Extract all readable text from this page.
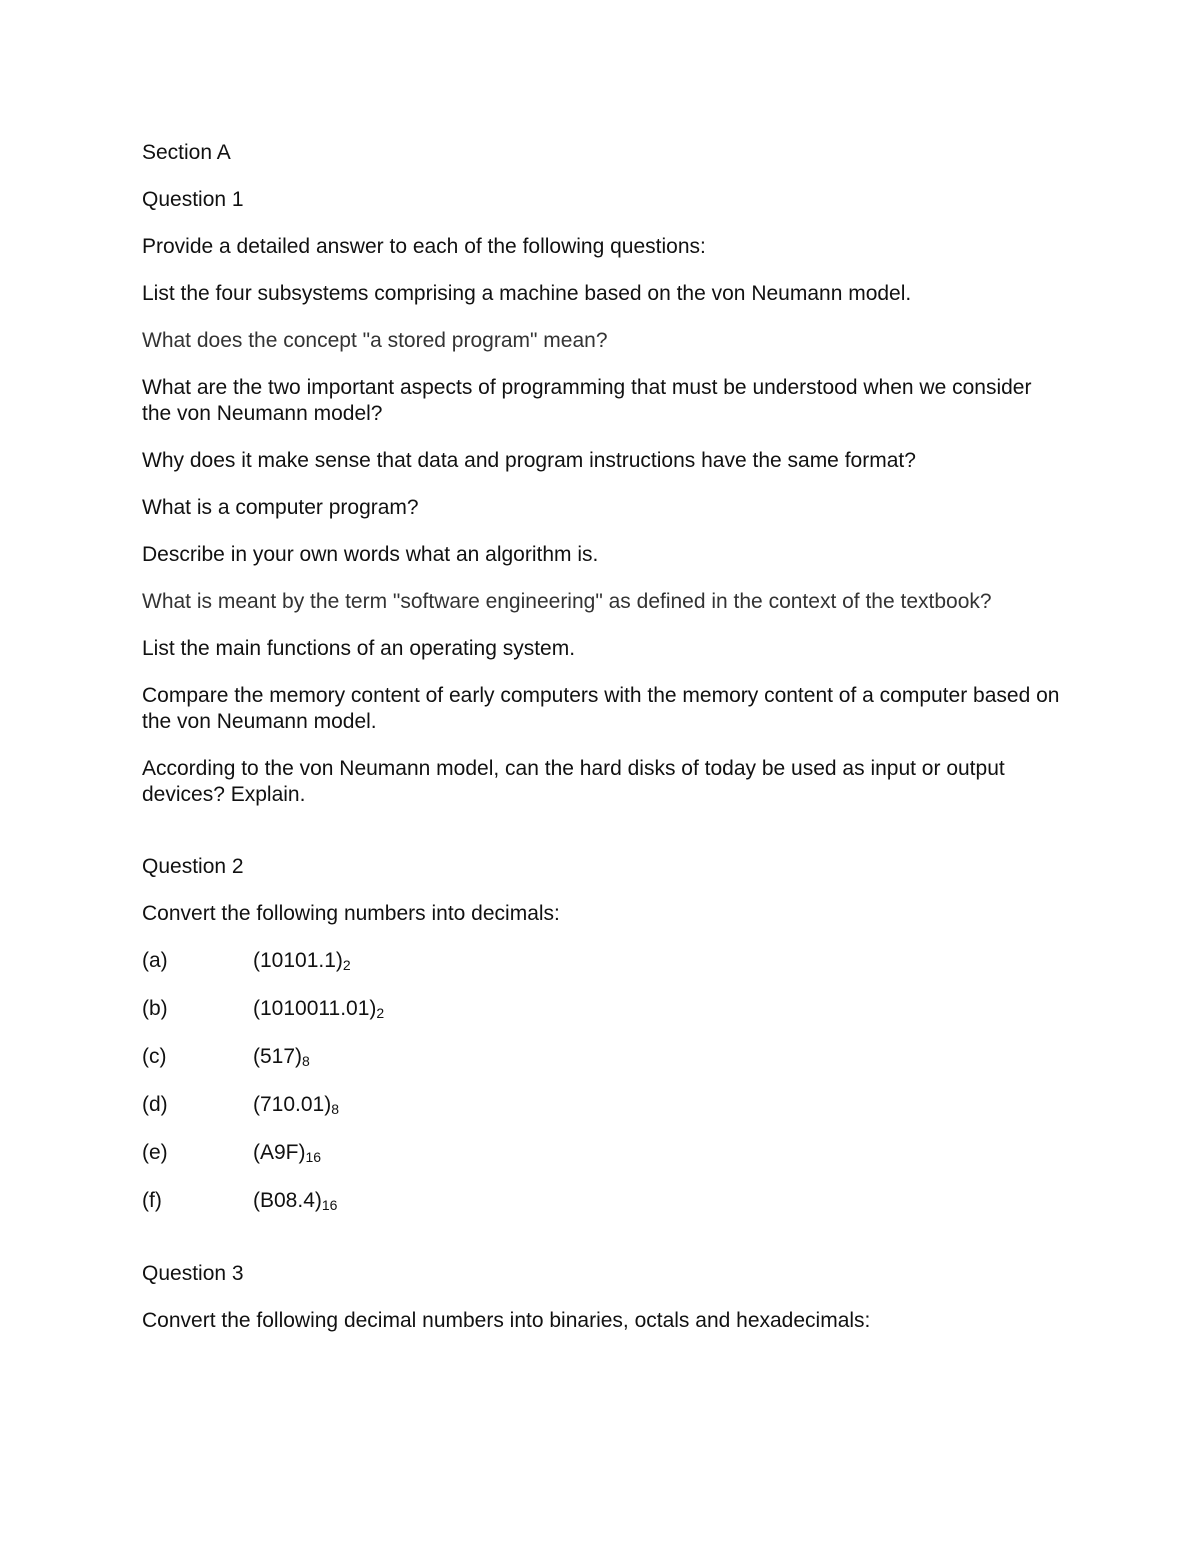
Section A
Question 1
Provide a detailed answer to each of the following questions:
List the four subsystems comprising a machine based on the von Neumann model.
What does the concept "a stored program" mean?
What are the two important aspects of programming that must be understood when we consider the von Neumann model?
Why does it make sense that data and program instructions have the same format?
What is a computer program?
Describe in your own words what an algorithm is.
What is meant by the term "software engineering" as defined in the context of the textbook?
List the main functions of an operating system.
Compare the memory content of early computers with the memory content of a computer based on the von Neumann model.
According to the von Neumann model, can the hard disks of today be used as input or output devices? Explain.
Question 2
Convert the following numbers into decimals:
(a)	(10101.1)2
(b)	(1010011.01)2
(c)	(517)8
(d)	(710.01)8
(e)	(A9F)16
(f)	(B08.4)16
Question 3
Convert the following decimal numbers into binaries, octals and hexadecimals:
